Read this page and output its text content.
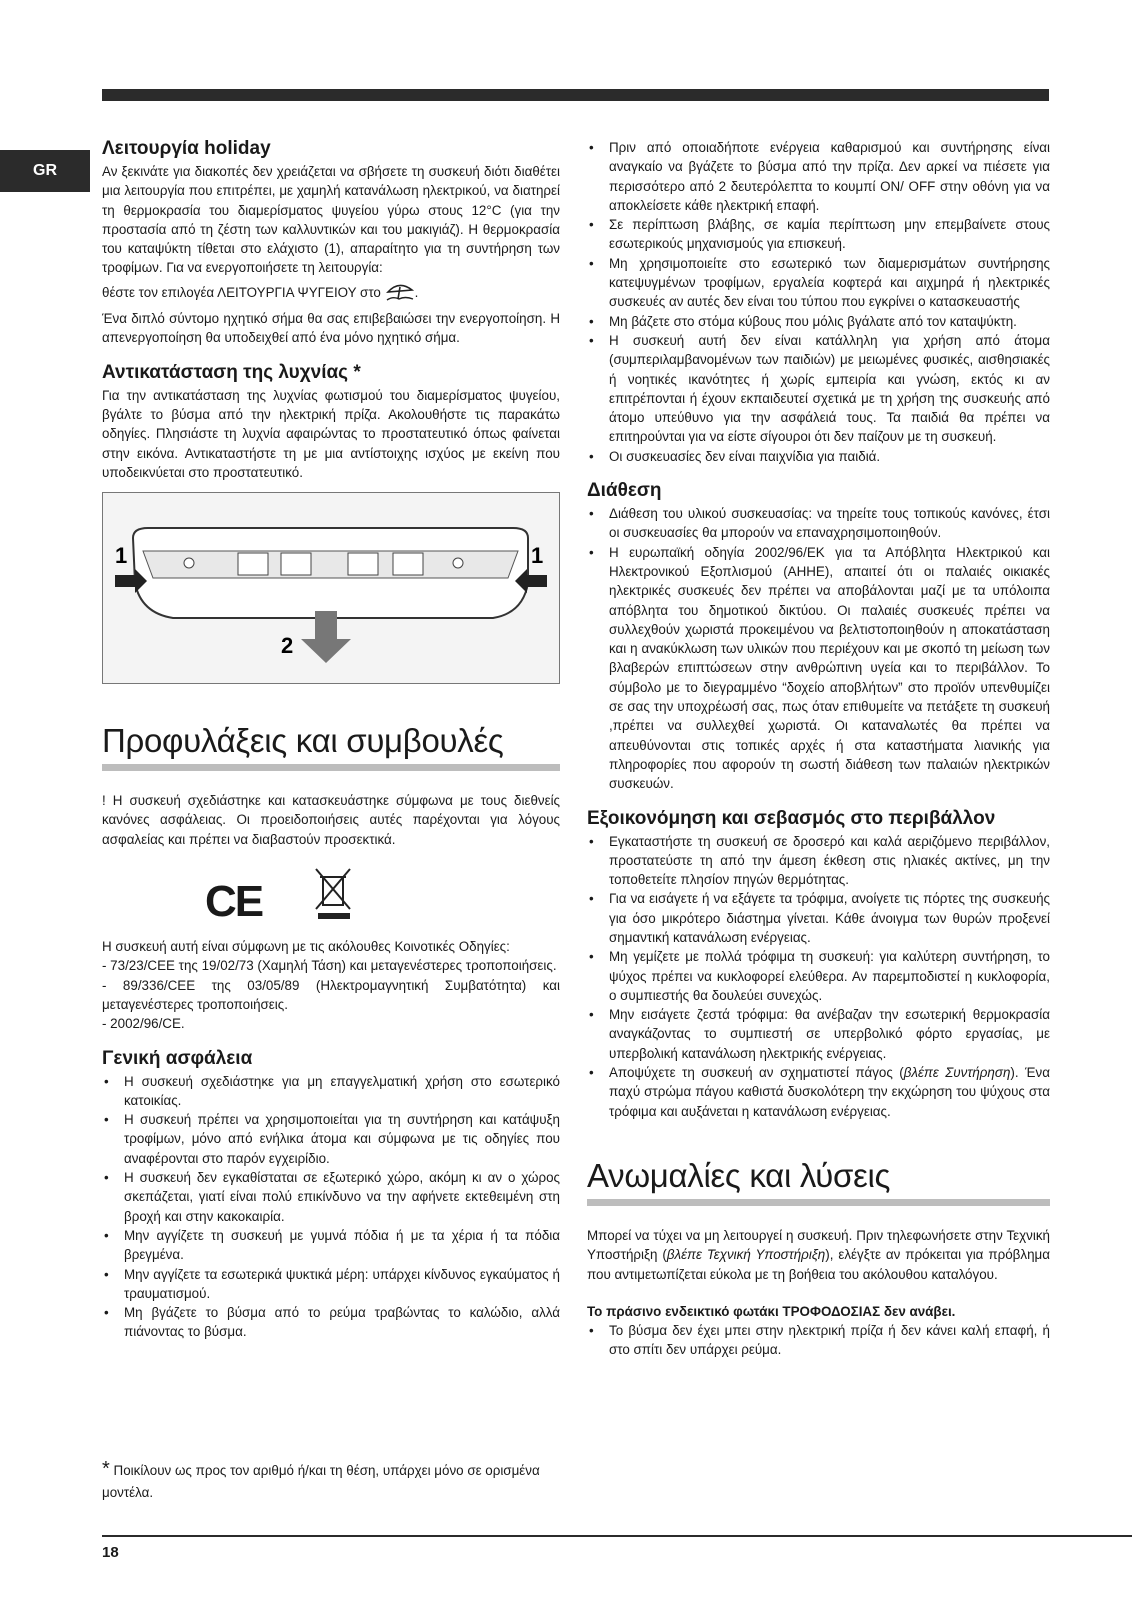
GR
Λειτουργία holiday

Αν ξεκινάτε για διακοπές δεν χρειάζεται να σβήσετε τη συσκευή διότι διαθέτει μια λειτουργία που επιτρέπει, με χαμηλή κατανάλωση ηλεκτρικού, να διατηρεί τη θερμοκρασία του διαμερίσματος ψυγείου γύρω στους 12°C (για την προστασία από τη ζέστη των καλλυντικών και του μακιγιάζ). Η θερμοκρασία του καταψύκτη τίθεται στο ελάχιστο (1), απαραίτητο για τη συντήρηση των τροφίμων. Για να ενεργοποιήσετε τη λειτουργία:

θέστε τον επιλογέα ΛΕΙΤΟΥΡΓΙΑ ΨΥΓΕΙΟΥ στο	.

Ένα διπλό σύντομο ηχητικό σήμα θα σας επιβεβαιώσει την ενεργοποίηση. Η απενεργοποίηση θα υποδειχθεί από ένα μόνο ηχητικό σήμα.

Αντικατάσταση της λυχνίας *

Για την αντικατάσταση της λυχνίας φωτισμού του διαμερίσματος ψυγείου, βγάλτε το βύσμα από την ηλεκτρική πρίζα. Ακολουθήστε τις παρακάτω οδηγίες. Πλησιάστε τη λυχνία αφαιρώντας το προστατευτικό όπως φαίνεται στην εικόνα. Αντικαταστήστε τη με μια αντίστοιχης ισχύος με εκείνη που υποδεικνύεται στο προστατευτικό.

1	1
2
Προφυλάξεις και συμβουλές

! Η συσκευή σχεδιάστηκε και κατασκευάστηκε σύμφωνα με τους διεθνείς κανόνες ασφάλειας. Οι προειδοποιήσεις αυτές παρέχονται για λόγους ασφαλείας και πρέπει να διαβαστούν προσεκτικά.

CE

Η συσκευή αυτή είναι σύμφωνη με τις ακόλουθες Κοινοτικές Οδηγίες:

- 73/23/CEE της 19/02/73 (Χαμηλή Τάση) και μεταγενέστερες τροποποιήσεις.

- 89/336/CEE της 03/05/89 (Ηλεκτρομαγνητική Συμβατότητα) και μεταγενέστερες τροποποιήσεις.

- 2002/96/CE.

Γενική ασφάλεια
• Η συσκευή σχεδιάστηκε για μη επαγγελματική χρήση στο εσωτερικό κατοικίας.
• Η συσκευή πρέπει να χρησιμοποιείται για τη συντήρηση και κατάψυξη τροφίμων, μόνο από ενήλικα άτομα και σύμφωνα με τις οδηγίες που αναφέρονται στο παρόν εγχειρίδιο.
• Η συσκευή δεν εγκαθίσταται σε εξωτερικό χώρο, ακόμη κι αν ο χώρος σκεπάζεται, γιατί είναι πολύ επικίνδυνο να την αφήνετε εκτεθειμένη στη βροχή και στην κακοκαιρία.
• Μην αγγίζετε τη συσκευή με γυμνά πόδια ή με τα χέρια ή τα πόδια βρεγμένα.
• Μην αγγίζετε τα εσωτερικά ψυκτικά μέρη: υπάρχει κίνδυνος εγκαύματος ή τραυματισμού.
• Μη βγάζετε το βύσμα από το ρεύμα τραβώντας το καλώδιο, αλλά πιάνοντας το βύσμα.
* Ποικίλουν ως προς τον αριθμό ή/και τη θέση, υπάρχει μόνο σε ορισμένα μοντέλα.
• Πριν από οποιαδήποτε ενέργεια καθαρισμού και συντήρησης είναι αναγκαίο να βγάζετε το βύσμα από την πρίζα. Δεν αρκεί να πιέσετε για περισσότερο από 2 δευτερόλεπτα το κουμπί ON/ OFF στην οθόνη για να αποκλείσετε κάθε ηλεκτρική επαφή.
• Σε περίπτωση βλάβης, σε καμία περίπτωση μην επεμβαίνετε στους εσωτερικούς μηχανισμούς για επισκευή.
• Μη χρησιμοποιείτε στο εσωτερικό των διαμερισμάτων συντήρησης κατεψυγμένων τροφίμων, εργαλεία κοφτερά και αιχμηρά ή ηλεκτρικές συσκευές αν αυτές δεν είναι του τύπου που εγκρίνει ο κατασκευαστής
• Μη βάζετε στο στόμα κύβους που μόλις βγάλατε από τον καταψύκτη.
• Η συσκευή αυτή δεν είναι κατάλληλη για χρήση από άτομα (συμπεριλαμβανομένων των παιδιών) με μειωμένες φυσικές, αισθησιακές ή νοητικές ικανότητες ή χωρίς εμπειρία και γνώση, εκτός κι αν επιτρέπονται ή έχουν εκπαιδευτεί σχετικά με τη χρήση της συσκευής από άτομο υπεύθυνο για την ασφάλειά τους. Τα παιδιά θα πρέπει να επιτηρούνται για να είστε σίγουροι ότι δεν παίζουν με τη συσκευή.
• Οι συσκευασίες δεν είναι παιχνίδια για παιδιά.
Διάθεση
• Διάθεση του υλικού συσκευασίας: να τηρείτε τους τοπικούς κανόνες, έτσι οι συσκευασίες θα μπορούν να επαναχρησιμοποιηθούν.
• Η ευρωπαϊκή οδηγία 2002/96/ΕΚ για τα Απόβλητα Ηλεκτρικού και Ηλεκτρονικού Εξοπλισμού (ΑΗΗΕ), απαιτεί ότι οι παλαιές οικιακές ηλεκτρικές συσκευές δεν πρέπει να αποβάλονται μαζί με τα υπόλοιπα απόβλητα του δημοτικού δικτύου. Οι παλαιές συσκευές πρέπει να συλλεχθούν χωριστά προκειμένου να βελτιστοποιηθούν η αποκατάσταση και η ανακύκλωση των υλικών που περιέχουν και με σκοπό τη μείωση των βλαβερών επιπτώσεων στην ανθρώπινη υγεία και το περιβάλλον. Το σύμβολο με το διεγραμμένο “δοχείο αποβλήτων” στο προϊόν υπενθυμίζει σε σας την υποχρέωσή σας, πως όταν επιθυμείτε να πετάξετε τη συσκευή ,πρέπει να συλλεχθεί χωριστά. Οι καταναλωτές θα πρέπει να απευθύνονται στις τοπικές αρχές ή στα καταστήματα λιανικής για πληροφορίες που αφορούν τη σωστή διάθεση των παλαιών ηλεκτρικών συσκευών.
Εξοικονόμηση και σεβασμός στο περιβάλλον
• Εγκαταστήστε τη συσκευή σε δροσερό και καλά αεριζόμενο περιβάλλον, προστατεύστε τη από την άμεση έκθεση στις ηλιακές ακτίνες, μη την τοποθετείτε πλησίον πηγών θερμότητας.
• Για να εισάγετε ή να εξάγετε τα τρόφιμα, ανοίγετε τις πόρτες της συσκευής για όσο μικρότερο διάστημα γίνεται. Κάθε άνοιγμα των θυρών προξενεί σημαντική κατανάλωση ενέργειας.
• Μη γεμίζετε με πολλά τρόφιμα τη συσκευή: για καλύτερη συντήρηση, το ψύχος πρέπει να κυκλοφορεί ελεύθερα. Αν παρεμποδιστεί η κυκλοφορία, ο συμπιεστής θα δουλεύει συνεχώς.
• Μην εισάγετε ζεστά τρόφιμα: θα ανέβαζαν την εσωτερική θερμοκρασία αναγκάζοντας το συμπιεστή σε υπερβολικό φόρτο εργασίας, με υπερβολική κατανάλωση ηλεκτρικής ενέργειας.
• Αποψύχετε τη συσκευή αν σχηματιστεί πάγος (βλέπε Συντήρηση). Ένα παχύ στρώμα πάγου καθιστά δυσκολότερη την εκχώρηση του ψύχους στα τρόφιμα και αυξάνεται η κατανάλωση ενέργειας.
Ανωμαλίες και λύσεις

Μπορεί να τύχει να μη λειτουργεί η συσκευή. Πριν τηλεφωνήσετε στην Τεχνική Υποστήριξη (βλέπε Τεχνική Υποστήριξη), ελέγξτε αν πρόκειται για πρόβλημα που αντιμετωπίζεται εύκολα με τη βοήθεια του ακόλουθου καταλόγου.

Το πράσινο ενδεικτικό φωτάκι ΤΡΟΦΟΔΟΣΙΑΣ δεν ανάβει.

• Το βύσμα δεν έχει μπει στην ηλεκτρική πρίζα ή δεν κάνει καλή επαφή, ή στο σπίτι δεν υπάρχει ρεύμα.
18
